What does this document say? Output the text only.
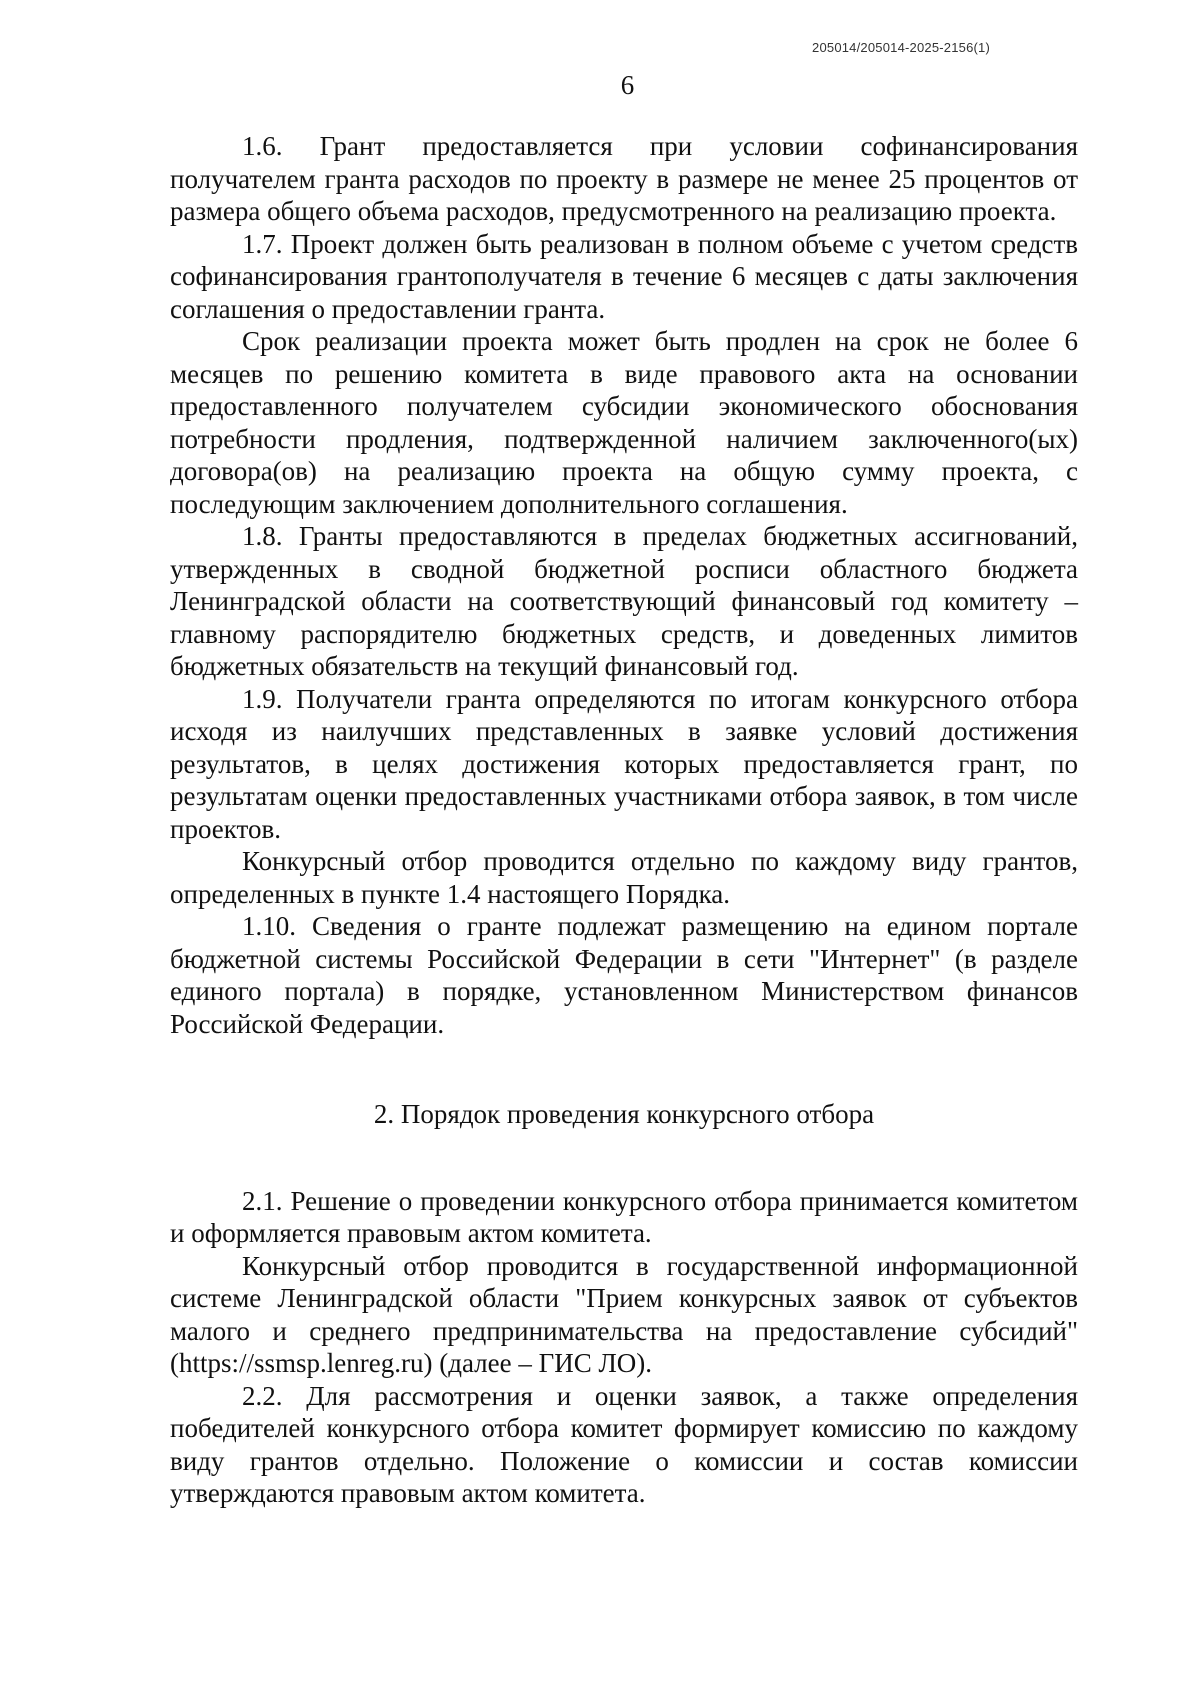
205014/205014-2025-2156(1)
6

1.6. Грант предоставляется при условии софинансирования получателем гранта расходов по проекту в размере не менее 25 процентов от размера общего объема расходов, предусмотренного на реализацию проекта.

1.7. Проект должен быть реализован в полном объеме с учетом средств софинансирования грантополучателя в течение 6 месяцев с даты заключения соглашения о предоставлении гранта.

Срок реализации проекта может быть продлен на срок не более 6 месяцев по решению комитета в виде правового акта на основании предоставленного получателем субсидии экономического обоснования потребности продления, подтвержденной наличием заключенного(ых) договора(ов) на реализацию проекта на общую сумму проекта, с последующим заключением дополнительного соглашения.

1.8. Гранты предоставляются в пределах бюджетных ассигнований, утвержденных в сводной бюджетной росписи областного бюджета Ленинградской области на соответствующий финансовый год комитету – главному распорядителю бюджетных средств, и доведенных лимитов бюджетных обязательств на текущий финансовый год.

1.9. Получатели гранта определяются по итогам конкурсного отбора исходя из наилучших представленных в заявке условий достижения результатов, в целях достижения которых предоставляется грант, по результатам оценки предоставленных участниками отбора заявок, в том числе проектов.

Конкурсный отбор проводится отдельно по каждому виду грантов, определенных в пункте 1.4 настоящего Порядка.

1.10. Сведения о гранте подлежат размещению на едином портале бюджетной системы Российской Федерации в сети "Интернет" (в разделе единого портала) в порядке, установленном Министерством финансов Российской Федерации.

2. Порядок проведения конкурсного отбора

2.1. Решение о проведении конкурсного отбора принимается комитетом и оформляется правовым актом комитета.

Конкурсный отбор проводится в государственной информационной системе Ленинградской области "Прием конкурсных заявок от субъектов малого и среднего предпринимательства на предоставление субсидий" (https://ssmsp.lenreg.ru) (далее – ГИС ЛО).

2.2. Для рассмотрения и оценки заявок, а также определения победителей конкурсного отбора комитет формирует комиссию по каждому виду грантов отдельно. Положение о комиссии и состав комиссии утверждаются правовым актом комитета.
